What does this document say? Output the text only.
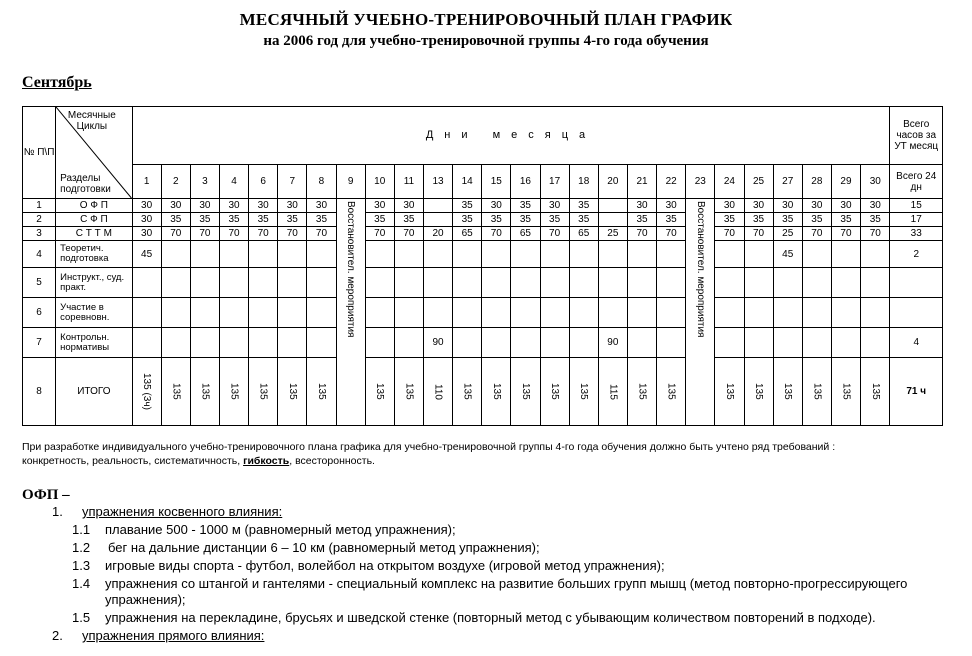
МЕСЯЧНЫЙ УЧЕБНО-ТРЕНИРОВОЧНЫЙ ПЛАН ГРАФИК
на 2006 год для учебно-тренировочной группы 4-го года обучения
Сентябрь
№ П\П	Месячные Циклы
Разделы подготовки	Дни месяца																										Всего часов за УТ месяц
		1	2	3	4	6	7	8	9	10	11	13	14	15	16	17	18	20	21	22	23	24	25	27	28	29	30	Всего 24 дн
1	О Ф П	30	30	30	30	30	30	30	Восстановител. мероприятия	30	30		35	30	35	30	35		30	30	Восстановител. мероприятия	30	30	30	30	30	30	15
2	С Ф П	30	35	35	35	35	35	35		35	35		35	35	35	35	35		35	35		35	35	35	35	35	35	17
3	С Т Т М	30	70	70	70	70	70	70		70	70	20	65	70	65	70	65	25	70	70		70	70	25	70	70	70	33
4	Теоретич. подготовка	45																						45				2
5	Инструкт., суд. практ.																											
6	Участие в соревновн.																											
7	Контрольн. нормативы											90						90										4
8	ИТОГО	135 (3ч)	135	135	135	135	135	135		135	135	110	135	135	135	135	135	115	135	135		135	135	135	135	135	135	71 ч
При разработке индивидуального учебно-тренировочного плана графика для учебно-тренировочной группы 4-го года обучения должно быть учтено ряд требований :
конкретность, реальность, систематичность, гибкость, всесторонность.
ОФП –
1. упражнения косвенного влияния:
1.1 плавание 500 - 1000 м (равномерный метод упражнения);
1.2 бег на дальние дистанции 6 – 10 км (равномерный метод упражнения);
1.3 игровые виды спорта - футбол, волейбол на открытом воздухе (игровой метод упражнения);
1.4 упражнения со штангой и гантелями - специальный комплекс на развитие больших групп мышц (метод повторно-прогрессирующего
упражнения);
1.5 упражнения на перекладине, брусьях и шведской стенке (повторный метод с убывающим количеством повторений в подходе).
2. упражнения прямого влияния:
